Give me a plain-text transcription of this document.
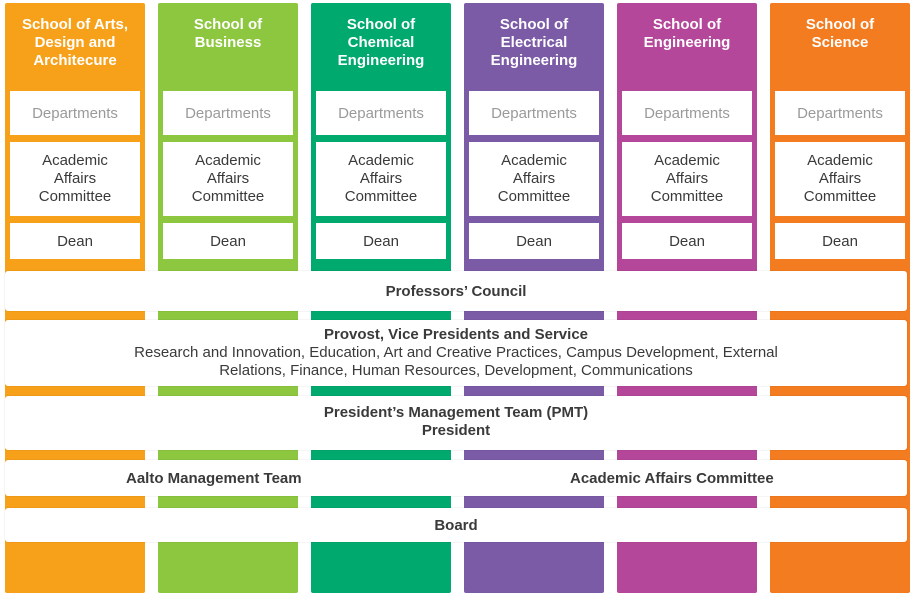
School of Arts,
Design and
Architecure
Departments
Academic
Affairs
Committee
Dean
School of
Business
Departments
Academic
Affairs
Committee
Dean
School of
Chemical
Engineering
Departments
Academic
Affairs
Committee
Dean
School of
Electrical
Engineering
Departments
Academic
Affairs
Committee
Dean
School of
Engineering
Departments
Academic
Affairs
Committee
Dean
School of
Science
Departments
Academic
Affairs
Committee
Dean
Professors’ Council
Provost, Vice Presidents and Service
Research and Innovation, Education, Art and Creative Practices, Campus Development, External
Relations, Finance, Human Resources, Development, Communications
President’s Management Team (PMT)
President
Aalto Management Team	Academic Affairs Committee
Board
